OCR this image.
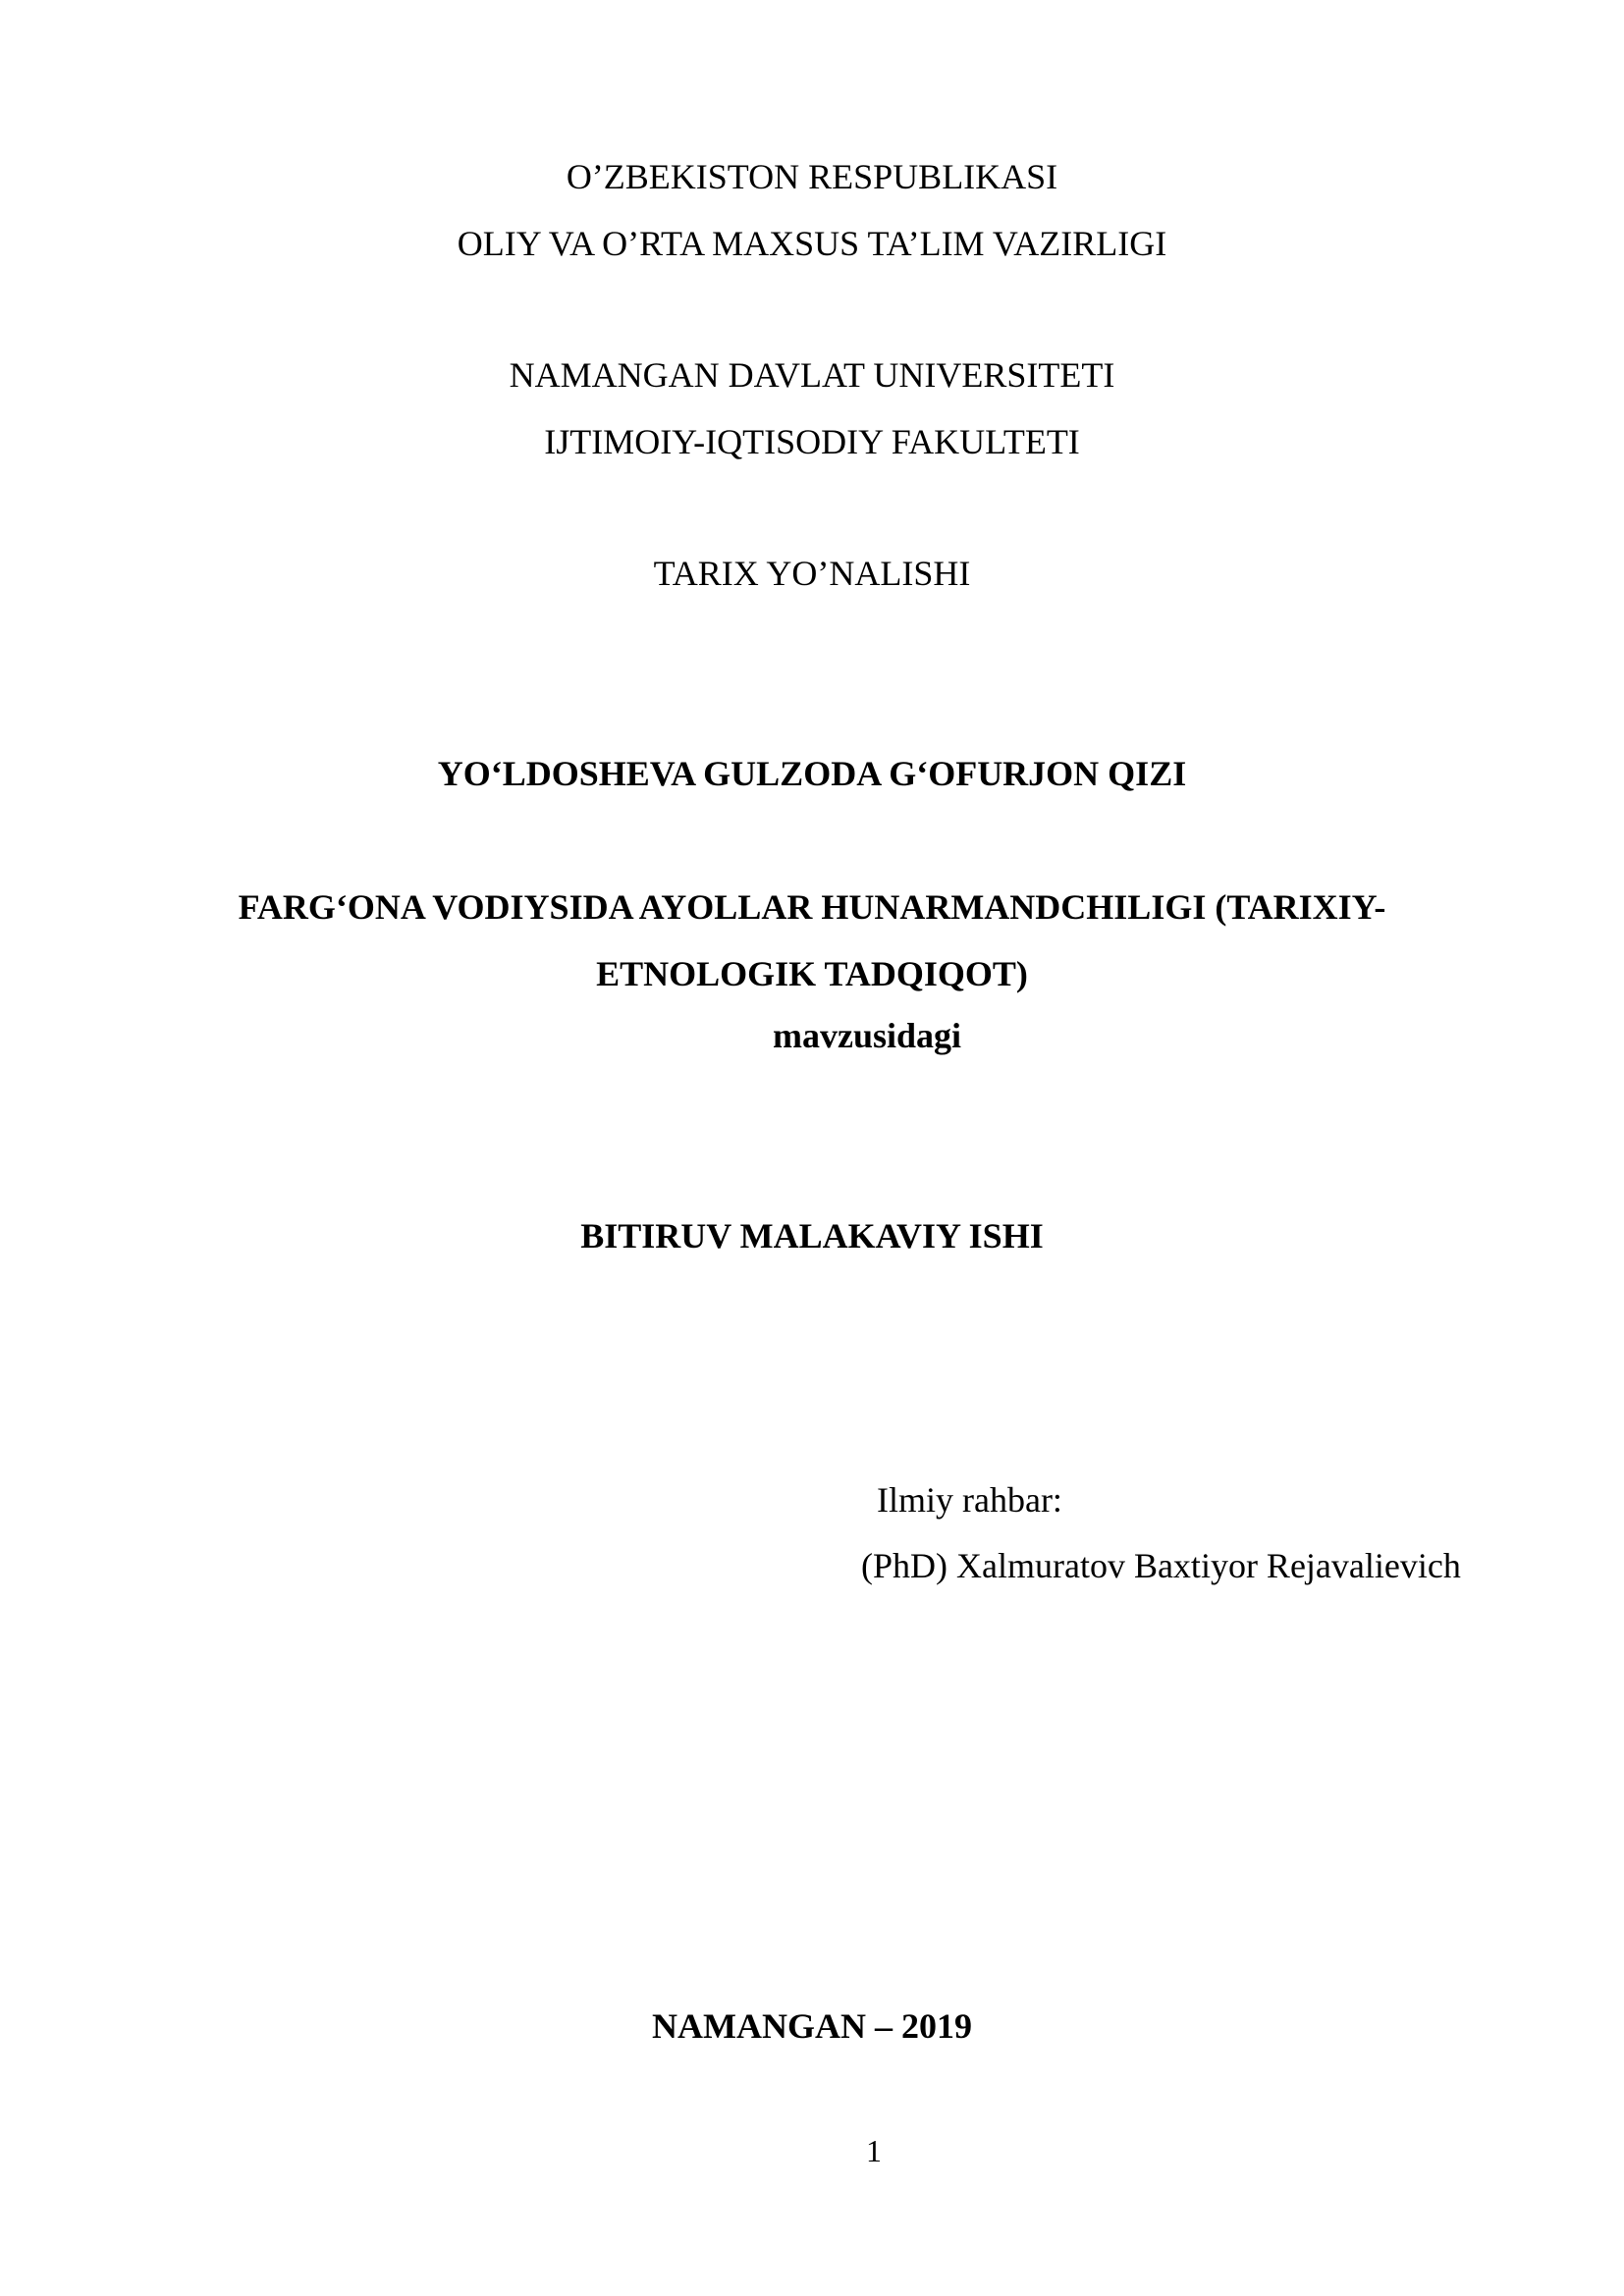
O’ZBEKISTON RESPUBLIKASI
OLIY VA O’RTA MAXSUS TA’LIM VAZIRLIGI
NAMANGAN DAVLAT UNIVERSITETI
IJTIMOIY-IQTISODIY FAKULTETI
TARIX YO’NALISHI
YO‘LDOSHEVA GULZODA G‘OFURJON QIZI
FARG‘ONA VODIYSIDA AYOLLAR HUNARMANDCHILIGI (TARIXIY-
ETNOLOGIK TADQIQOT)
mavzusidagi
BITIRUV MALAKAVIY ISHI
Ilmiy rahbar:
(PhD) Xalmuratov Baxtiyor Rejavalievich
NAMANGAN – 2019
1
